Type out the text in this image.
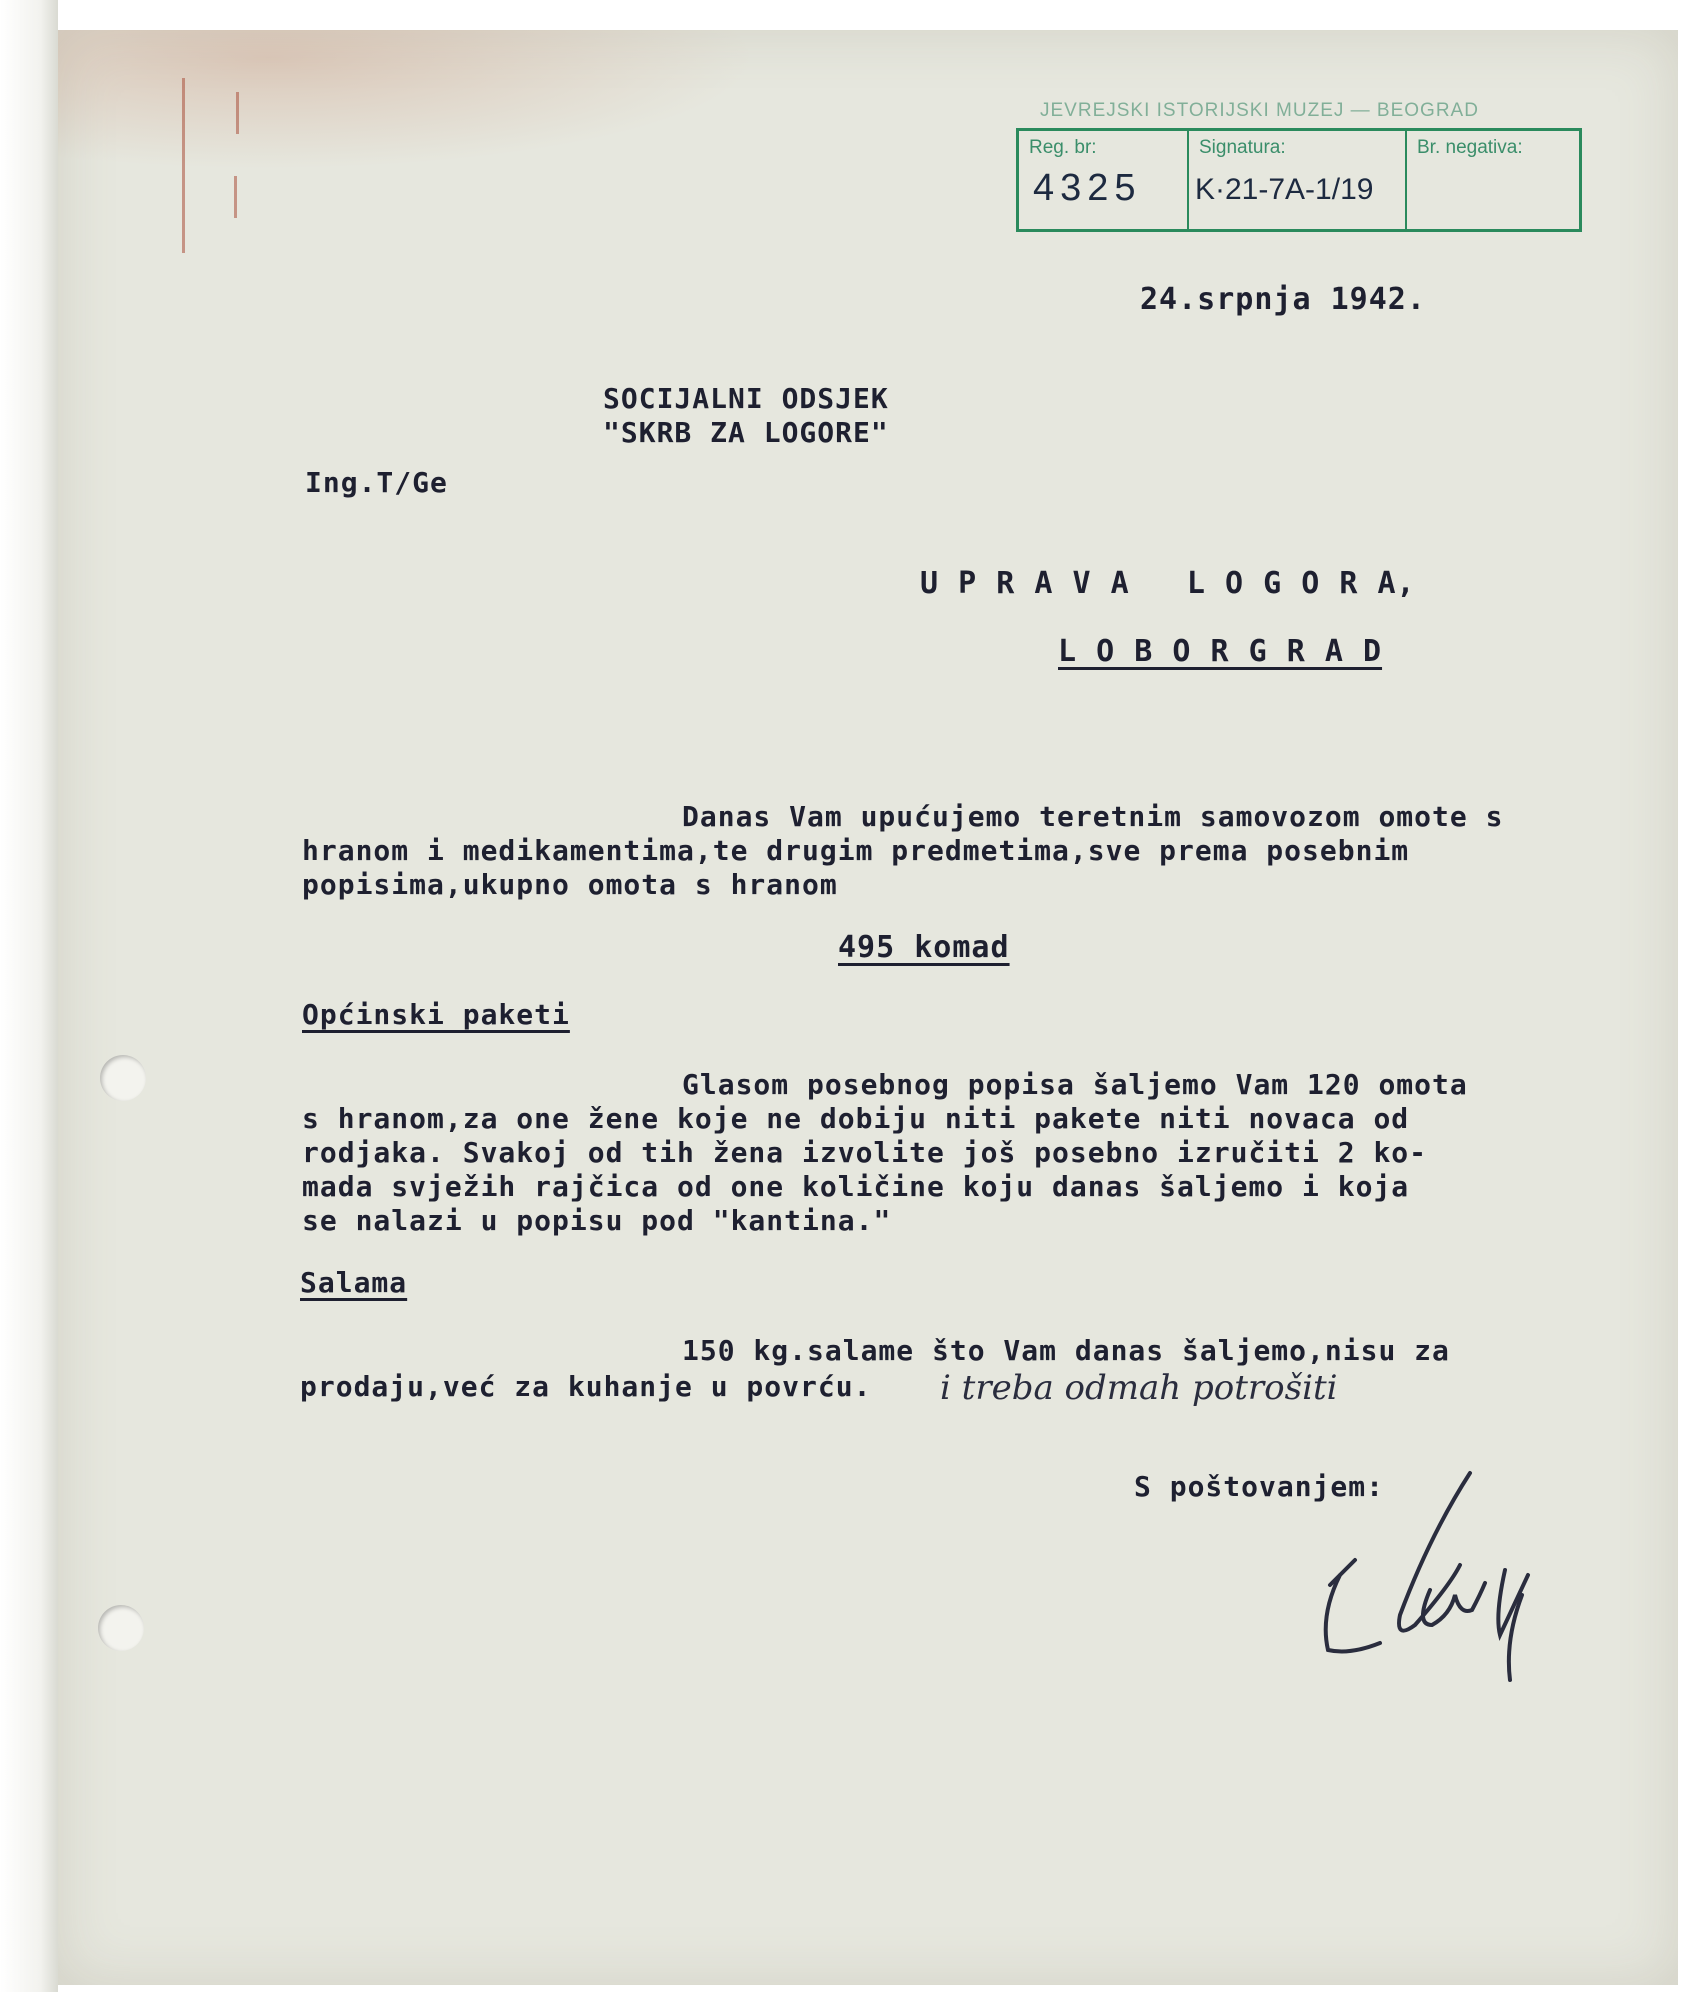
JEVREJSKI ISTORIJSKI MUZEJ — BEOGRAD
Reg. br:
4325
Signatura:
K·21-7A-1/19
Br. negativa:
24.srpnja 1942.
SOCIJALNI ODSJEK
"SKRB ZA LOGORE"
Ing.T/Ge
U P R A V A   L O G O R A,
L O B O R G R A D
Danas Vam upućujemo teretnim samovozom omote s
hranom i medikamentima,te drugim predmetima,sve prema posebnim
popisima,ukupno omota s hranom
495 komad
Općinski paketi
Glasom posebnog popisa šaljemo Vam 120 omota
s hranom,za one žene koje ne dobiju niti pakete niti novaca od
rodjaka. Svakoj od tih žena izvolite još posebno izručiti 2 ko-
mada svježih rajčica od one količine koju danas šaljemo i koja
se nalazi u popisu pod "kantina."
Salama
150 kg.salame što Vam danas šaljemo,nisu za
prodaju,već za kuhanje u povrću. i treba odmah potrošiti
S poštovanjem:
